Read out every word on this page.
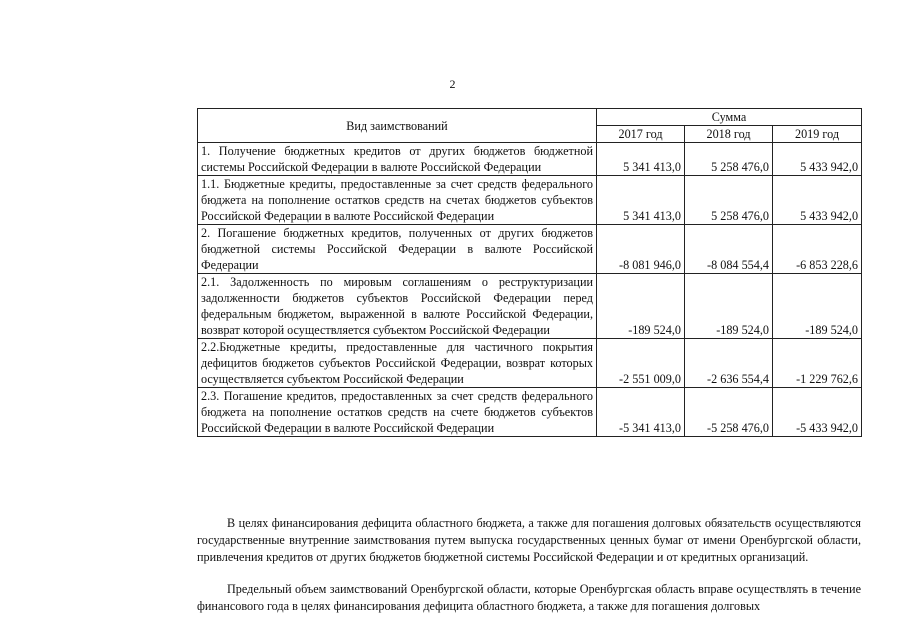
2
Вид заимствований	Сумма		
	2017 год	2018 год	2019 год
1. Получение бюджетных кредитов от других бюджетов бюджетной системы Российской Федерации в валюте Российской Федерации	5 341 413,0	5 258 476,0	5 433 942,0
1.1. Бюджетные кредиты, предоставленные за счет средств федерального бюджета на пополнение остатков средств на счетах бюджетов субъектов Российской Федерации в валюте Российской Федерации	5 341 413,0	5 258 476,0	5 433 942,0
2. Погашение бюджетных кредитов, полученных от других бюджетов бюджетной системы Российской Федерации в валюте Российской Федерации	-8 081 946,0	-8 084 554,4	-6 853 228,6
2.1. Задолженность по мировым соглашениям о реструктуризации задолженности бюджетов субъектов Российской Федерации перед федеральным бюджетом, выраженной в валюте Российской Федерации, возврат которой осуществляется субъектом Российской Федерации	-189 524,0	-189 524,0	-189 524,0
2.2.Бюджетные кредиты, предоставленные для частичного покрытия дефицитов бюджетов субъектов Российской Федерации, возврат которых осуществляется субъектом Российской Федерации	-2 551 009,0	-2 636 554,4	-1 229 762,6
2.3. Погашение кредитов, предоставленных за счет средств федерального бюджета на пополнение остатков средств на счете бюджетов субъектов Российской Федерации в валюте Российской Федерации	-5 341 413,0	-5 258 476,0	-5 433 942,0

В целях финансирования дефицита областного бюджета, а также для погашения долговых обязательств осуществляются государственные внутренние заимствования путем выпуска государственных ценных бумаг от имени Оренбургской области, привлечения кредитов от других бюджетов бюджетной системы Российской Федерации и от кредитных организаций.

Предельный объем заимствований Оренбургской области, которые Оренбургская область вправе осуществлять в течение финансового года в целях финансирования дефицита областного бюджета, а также для погашения долговых
